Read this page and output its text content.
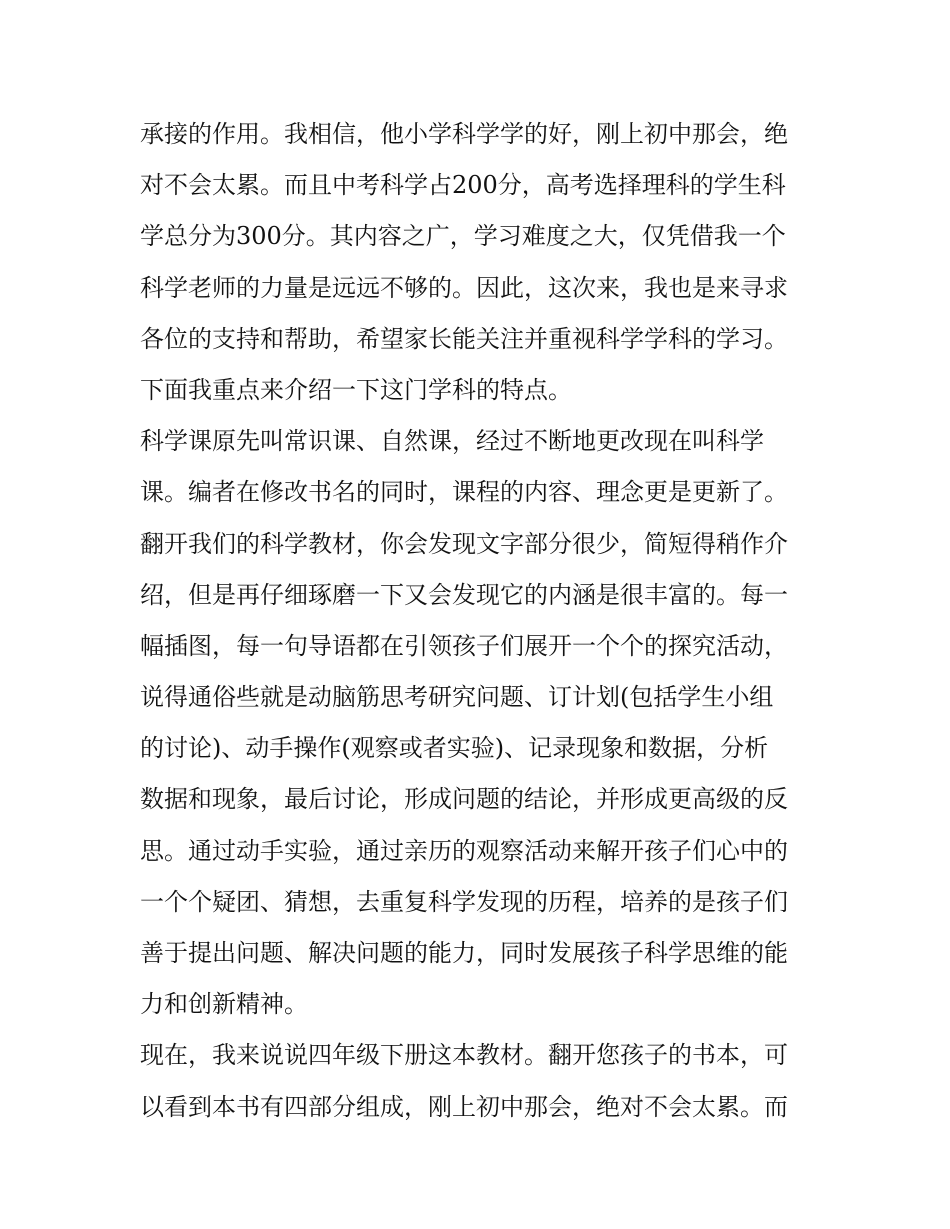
承接的作用。我相信，他小学科学学的好，刚上初中那会，绝
对不会太累。而且中考科学占200分，高考选择理科的学生科
学总分为300分。其内容之广，学习难度之大，仅凭借我一个
科学老师的力量是远远不够的。因此，这次来，我也是来寻求
各位的支持和帮助，希望家长能关注并重视科学学科的学习。
下面我重点来介绍一下这门学科的特点。
科学课原先叫常识课、自然课，经过不断地更改现在叫科学
课。编者在修改书名的同时，课程的内容、理念更是更新了。
翻开我们的科学教材，你会发现文字部分很少，简短得稍作介
绍，但是再仔细琢磨一下又会发现它的内涵是很丰富的。每一
幅插图，每一句导语都在引领孩子们展开一个个的探究活动，
说得通俗些就是动脑筋思考研究问题、订计划(包括学生小组
的讨论)、动手操作(观察或者实验)、记录现象和数据，分析
数据和现象，最后讨论，形成问题的结论，并形成更高级的反
思。通过动手实验，通过亲历的观察活动来解开孩子们心中的
一个个疑团、猜想，去重复科学发现的历程，培养的是孩子们
善于提出问题、解决问题的能力，同时发展孩子科学思维的能
力和创新精神。
现在，我来说说四年级下册这本教材。翻开您孩子的书本，可
以看到本书有四部分组成，刚上初中那会，绝对不会太累。而
